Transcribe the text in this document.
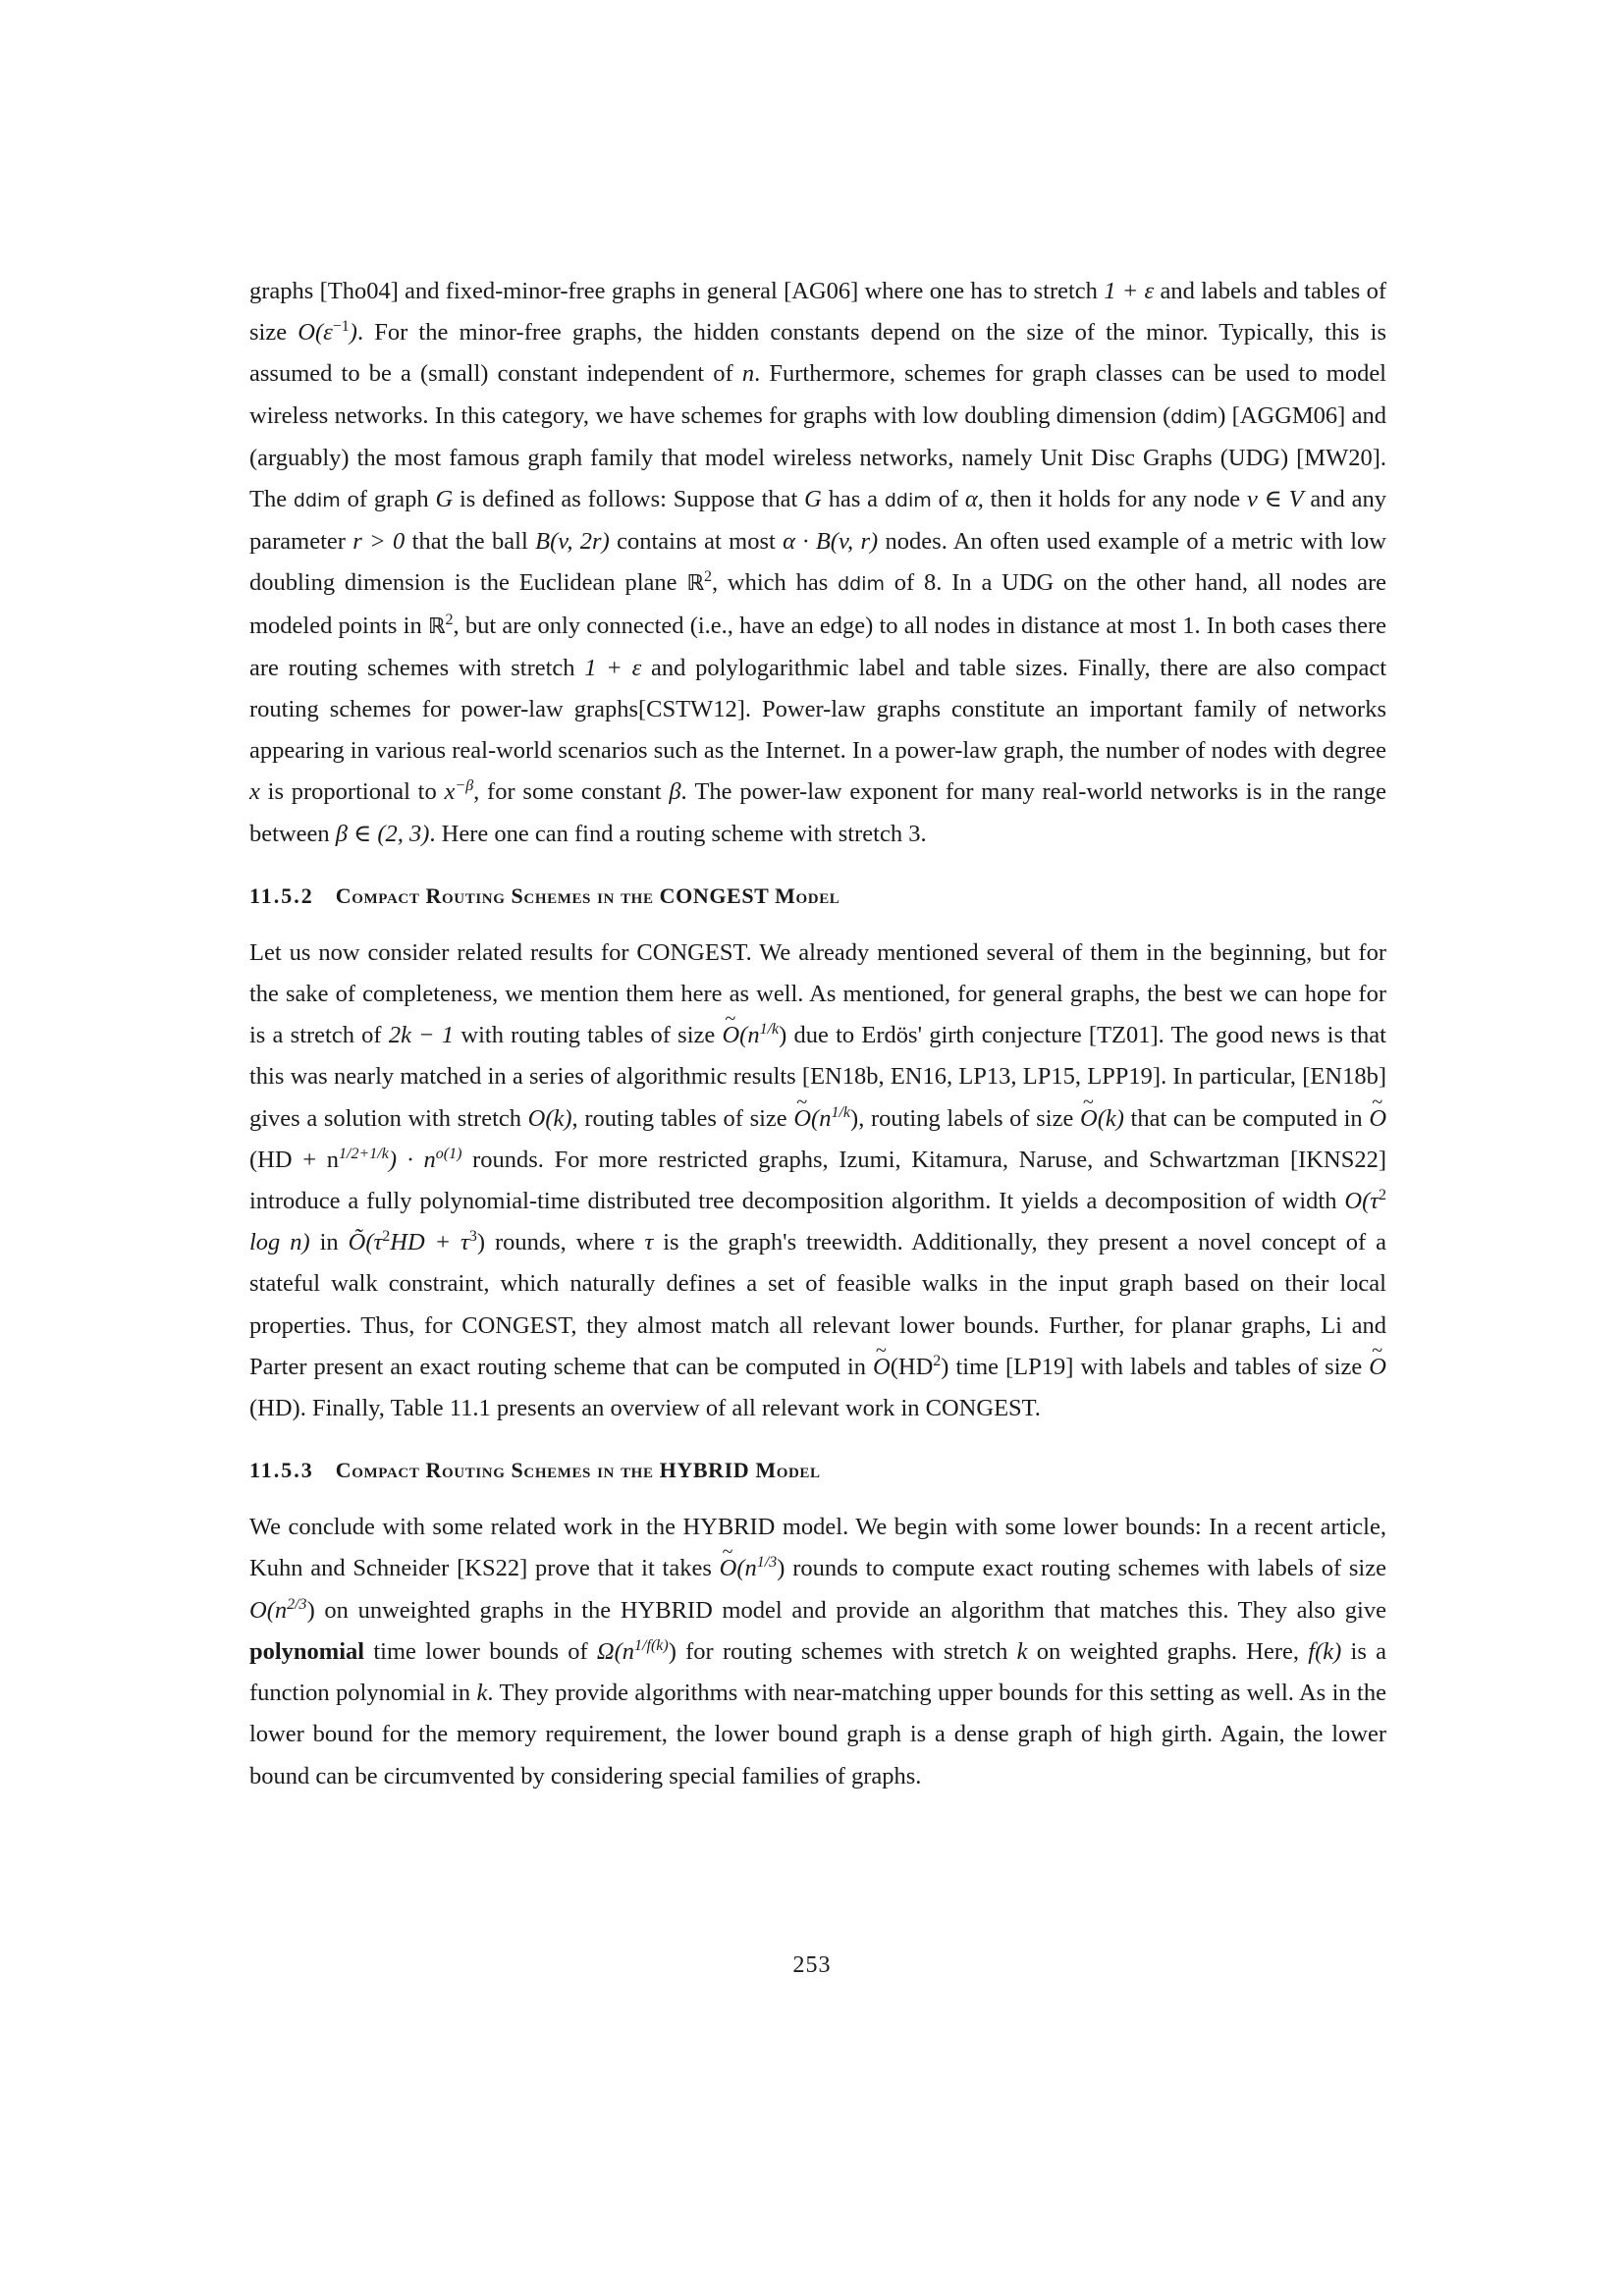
graphs [Tho04] and fixed-minor-free graphs in general [AG06] where one has to stretch 1 + ε and labels and tables of size $O(\varepsilon^{-1})$. For the minor-free graphs, the hidden constants depend on the size of the minor. Typically, this is assumed to be a (small) constant independent of n. Furthermore, schemes for graph classes can be used to model wireless networks. In this category, we have schemes for graphs with low doubling dimension (ddim) [AGGM06] and (arguably) the most famous graph family that model wireless networks, namely Unit Disc Graphs (UDG) [MW20]. The ddim of graph G is defined as follows: Suppose that G has a ddim of α, then it holds for any node v ∈ V and any parameter r > 0 that the ball B(v, 2r) contains at most α · B(v, r) nodes. An often used example of a metric with low doubling dimension is the Euclidean plane ℝ$^2$, which has ddim of 8. In a UDG on the other hand, all nodes are modeled points in ℝ$^2$, but are only connected (i.e., have an edge) to all nodes in distance at most 1. In both cases there are routing schemes with stretch 1 + ε and polylogarithmic label and table sizes. Finally, there are also compact routing schemes for power-law graphs[CSTW12]. Power-law graphs constitute an important family of networks appearing in various real-world scenarios such as the Internet. In a power-law graph, the number of nodes with degree x is proportional to $x^{-\beta}$, for some constant β. The power-law exponent for many real-world networks is in the range between β ∈ (2, 3). Here one can find a routing scheme with stretch 3.

11.5.2 Compact Routing Schemes in the CONGEST Model

Let us now consider related results for CONGEST. We already mentioned several of them in the beginning, but for the sake of completeness, we mention them here as well. As mentioned, for general graphs, the best we can hope for is a stretch of 2k − 1 with routing tables of size ~ $O(n^{1/k})$ due to Erdös' girth conjecture [TZ01]. The good news is that this was nearly matched in a series of algorithmic results [EN18b, EN16, LP13, LP15, LPP19]. In particular, [EN18b] gives a solution with stretch O(k), routing tables of size ~ $O(n^{1/k})$, routing labels of size ~ O(k) that can be computed in ~ $O(HD + n^{1/2+1/k}) \cdot n^{o(1)}$ rounds. For more restricted graphs, Izumi, Kitamura, Naruse, and Schwartzman [IKNS22] introduce a fully polynomial-time distributed tree decomposition algorithm. It yields a decomposition of width $O(\tau^2$ log n) in $Õ(\tau^2HD + \tau^3)$ rounds, where τ is the graph's treewidth. Additionally, they present a novel concept of a stateful walk constraint, which naturally defines a set of feasible walks in the input graph based on their local properties. Thus, for CONGEST, they almost match all relevant lower bounds. Further, for planar graphs, Li and Parter present an exact routing scheme that can be computed in ~ $O(HD^2)$ time [LP19] with labels and tables of size ~ O(HD). Finally, Table 11.1 presents an overview of all relevant work in CONGEST.

11.5.3 Compact Routing Schemes in the HYBRID Model

We conclude with some related work in the HYBRID model. We begin with some lower bounds: In a recent article, Kuhn and Schneider [KS22] prove that it takes ~ $O(n^{1/3})$ rounds to compute exact routing schemes with labels of size $O(n^{2/3})$ on unweighted graphs in the HYBRID model and provide an algorithm that matches this. They also give polynomial time lower bounds of $\Omega(n^{1/f(k)})$ for routing schemes with stretch k on weighted graphs. Here, f(k) is a function polynomial in k. They provide algorithms with near-matching upper bounds for this setting as well. As in the lower bound for the memory requirement, the lower bound graph is a dense graph of high girth. Again, the lower bound can be circumvented by considering special families of graphs.

253
